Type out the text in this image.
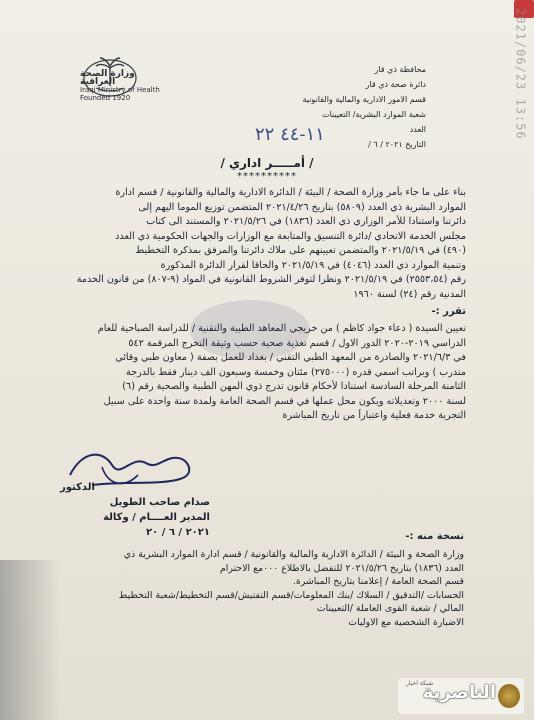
2021/06/23 13:56
وزارة الصحة العراقية
Iraqi Ministry of Health
Founded 1920
محافظة ذي قار
دائرة صحة ذي قار
قسم الامور الادارية والمالية والقانونية
شعبة الموارد البشرية/ التعيينات
العدد
التاريخ ٢٠٢١ / ٦ /
١١-٤٤ ٢٢
/ أمـــــر اداري /
**********
بناء على ما جاء بأمر وزارة الصحة / البيئة / الدائرة الادارية والمالية والقانونية / قسم ادارة
الموارد البشرية ذي العدد (٥٨٠٩) بتاريخ ٢٠٢١/٤/٢٦ المتضمن توزيع الموما اليهم إلى
دائرتنا واستنادا للأمر الوزاري ذي العدد (١٨٣٦) في ٢٠٢١/٥/٢٦ والمستند الى كتاب
مجلس الخدمة الاتحادي /دائرة التنسيق والمتابعة مع الوزارات والجهات الحكومية ذي العدد
(٤٩٠) في ٢٠٢١/٥/١٩ والمتضمن تعيينهم على ملاك دائرتنا والمرفق بمذكرة التخطيط
وتنمية الموارد ذي العدد (٤٠٤٦) في ٢٠٢١/٥/١٩ والحاقا لقرار الدائرة المذكورة
رقم (٢٥٥٣،٥٤) في ٢٠٢١/٥/١٩ ونظرا لتوفر الشروط القانونية في المواد (٩-٨٠٧) من قانون الخدمة
المدنية رقم (٢٤) لسنة ١٩٦٠
تقرر :-
تعيين السيدة ( دعاء جواد كاظم ) من خريجي المعاهد الطبية والتقنية / للدراسة الصباحية للعام
الدراسي ٢٠١٩-٢٠٢٠ الدور الاول / قسم تغذية صحية حسب وثيقة التخرج المرقمة ٥٤٢
في ٢٠٢١/٦/٣ والصادرة من المعهد الطبي التقني / بغداد للعمل بصفة ( معاون طبي وقائي
متدرب ) وبراتب اسمي قدره (٢٧٥٠٠٠) مئتان وخمسة وسبعون الف دينار فقط بالدرجة
الثامنة المرحلة السادسة استنادا لأحكام قانون تدرج ذوي المهن الطبية والصحية رقم (٦)
لسنة ٢٠٠٠ وتعديلاته ويكون محل عملها في قسم الصحة العامة ولمدة سنة واحدة على سبيل
التجربة خدمة فعلية واعتباراً من تاريخ المباشرة
الدكتور
صدام صاحب الطويل
المدير العــــام / وكالة
٢٠٢١ / ٦ / ٢٠	نسخة منه :-
وزارة الصحة و البيئة / الدائرة الادارية والمالية والقانونية / قسم ادارة الموارد البشرية ذي
العدد (١٨٣٦) بتاريخ ٢٠٢١/٥/٢٦ للتفضل بالاطلاع ٠٠٠مع الاحترام
قسم الصحة العامة / إعلامنا بتاريخ المباشرة.
الحسابات /التدقيق / السلاك /بنك المعلومات/قسم التفتيش/قسم التخطيط/شعبة التخطيط
المالي / شعبة القوى العاملة /التعيينات
الاضبارة الشخصية مع الاوليات
الناصرية
شبكة اخبار
